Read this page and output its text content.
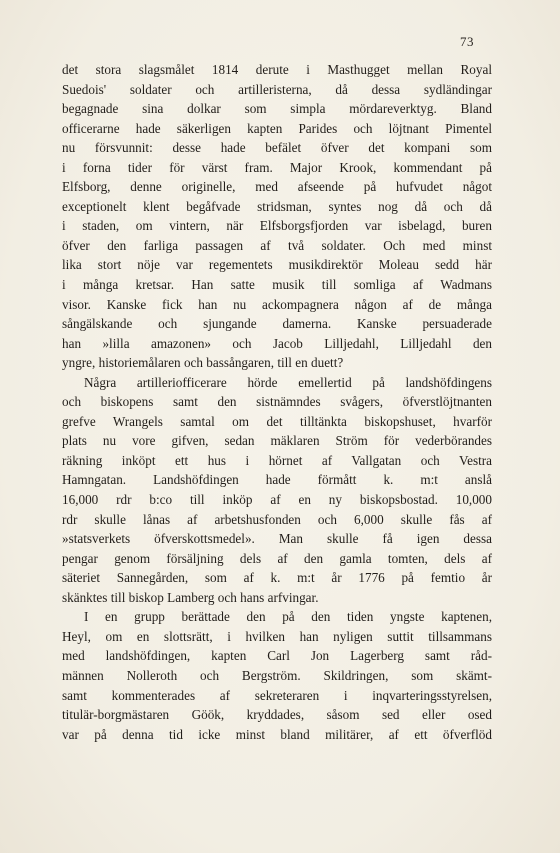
73
det stora slagsmålet 1814 derute i Masthugget mellan Royal
Suedois' soldater och artilleristerna, då dessa sydländingar
begagnade sina dolkar som simpla mördareverktyg. Bland
officerarne hade säkerligen kapten Parides och löjtnant Pimentel
nu försvunnit: desse hade befälet öfver det kompani som
i forna tider för värst fram. Major Krook, kommendant på
Elfsborg, denne originelle, med afseende på hufvudet något
exceptionelt klent begåfvade stridsman, syntes nog då och då
i staden, om vintern, när Elfsborgsfjorden var isbelagd, buren
öfver den farliga passagen af två soldater. Och med minst
lika stort nöje var regementets musikdirektör Moleau sedd här
i många kretsar. Han satte musik till somliga af Wadmans
visor. Kanske fick han nu ackompagnera någon af de många
sångälskande och sjungande damerna. Kanske persuaderade
han »lilla amazonen» och Jacob Lilljedahl, Lilljedahl den
yngre, historiemålaren och bassångaren, till en duett?
Några artilleriofficerare hörde emellertid på landshöfdingens
och biskopens samt den sistnämndes svågers, öfverstlöjtnanten
grefve Wrangels samtal om det tilltänkta biskopshuset, hvarför
plats nu vore gifven, sedan mäklaren Ström för vederbörandes
räkning inköpt ett hus i hörnet af Vallgatan och Vestra
Hamngatan. Landshöfdingen hade förmått k. m:t anslå
16,000 rdr b:co till inköp af en ny biskopsbostad. 10,000
rdr skulle lånas af arbetshusfonden och 6,000 skulle fås af
»statsverkets öfverskottsmedel». Man skulle få igen dessa
pengar genom försäljning dels af den gamla tomten, dels af
säteriet Sannegården, som af k. m:t år 1776 på femtio år
skänktes till biskop Lamberg och hans arfvingar.
I en grupp berättade den på den tiden yngste kaptenen,
Heyl, om en slottsrätt, i hvilken han nyligen suttit tillsammans
med landshöfdingen, kapten Carl Jon Lagerberg samt råd-
männen Nolleroth och Bergström. Skildringen, som skämt-
samt kommenterades af sekreteraren i inqvarteringsstyrelsen,
titulär-borgmästaren Göök, kryddades, såsom sed eller osed
var på denna tid icke minst bland militärer, af ett öfverflöd
